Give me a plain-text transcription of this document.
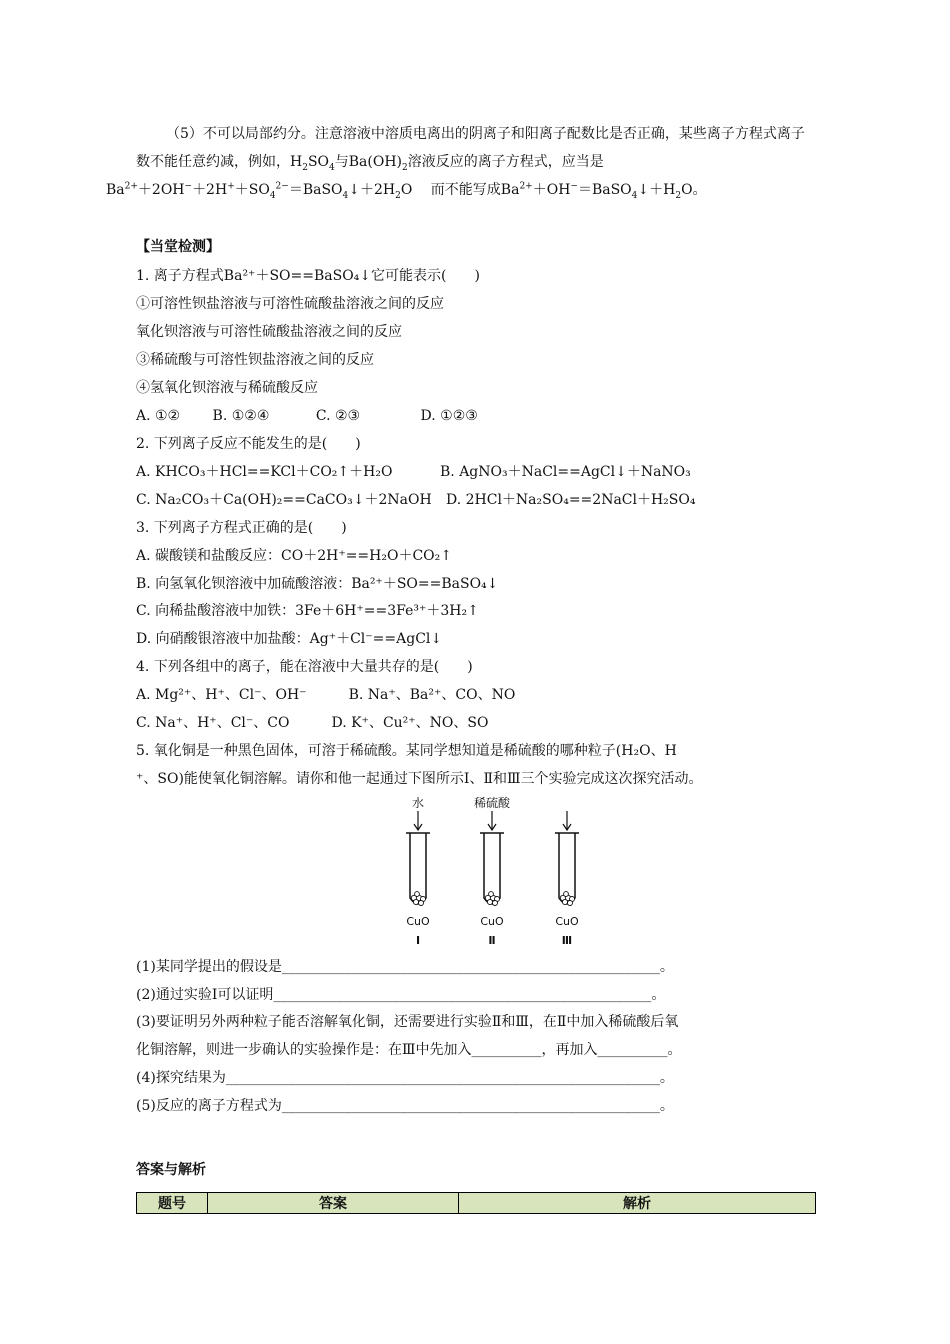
（5）不可以局部约分。注意溶液中溶质电离出的阴离子和阳离子配数比是否正确，某些离子方程式离子数不能任意约减，例如，$H_2SO_4$与$Ba(OH)_2$溶液反应的离子方程式，应当是
$Ba^{2+}+2OH^-+2H^++SO_4^{2-}=BaSO_4↓+2H_2O$ 　 而不能写成$Ba^{2+}+OH^-=BaSO_4↓+H_2O$。
【当堂检测】
1. 离子方程式Ba²⁺＋SO==BaSO₄↓它可能表示(　　)
①可溶性钡盐溶液与可溶性硫酸盐溶液之间的反应
氧化钡溶液与可溶性硫酸盐溶液之间的反应
③稀硫酸与可溶性钡盐溶液之间的反应
④氢氧化钡溶液与稀硫酸反应
A. ①②　　 B. ①②④　　　 C. ②③　　　　 D. ①②③
2. 下列离子反应不能发生的是(　　)
A. KHCO₃＋HCl==KCl＋CO₂↑＋H₂O	B. AgNO₃＋NaCl==AgCl↓＋NaNO₃
C. Na₂CO₃＋Ca(OH)₂==CaCO₃↓＋2NaOH D. 2HCl＋Na₂SO₄==2NaCl＋H₂SO₄
3. 下列离子方程式正确的是(　　)
A. 碳酸镁和盐酸反应：CO＋2H⁺==H₂O＋CO₂↑
B. 向氢氧化钡溶液中加硫酸溶液：Ba²⁺＋SO==BaSO₄↓
C. 向稀盐酸溶液中加铁：3Fe＋6H⁺==3Fe³⁺＋3H₂↑
D. 向硝酸银溶液中加盐酸：Ag⁺＋Cl⁻==AgCl↓
4. 下列各组中的离子，能在溶液中大量共存的是(　　)
A. Mg²⁺、H⁺、Cl⁻、OH⁻　　　B. Na⁺、Ba²⁺、CO、NO
C. Na⁺、H⁺、Cl⁻、CO　　　D. K⁺、Cu²⁺、NO、SO
5. 氧化铜是一种黑色固体，可溶于稀硫酸。某同学想知道是稀硫酸的哪种粒子(H₂O、H
⁺、SO)能使氧化铜溶解。请你和他一起通过下图所示Ⅰ、Ⅱ和Ⅲ三个实验完成这次探究活动。
水	稀硫酸
CuO	CuO	CuO
Ⅰ	Ⅱ	Ⅲ
(1)某同学提出的假设是______________________________________________________。
(2)通过实验Ⅰ可以证明______________________________________________________。
(3)要证明另外两种粒子能否溶解氧化铜，还需要进行实验Ⅱ和Ⅲ，在Ⅱ中加入稀硫酸后氧
化铜溶解，则进一步确认的实验操作是：在Ⅲ中先加入__________，再加入__________。
(4)探究结果为______________________________________________________________。
(5)反应的离子方程式为______________________________________________________。
答案与解析
题号	答案	解析
